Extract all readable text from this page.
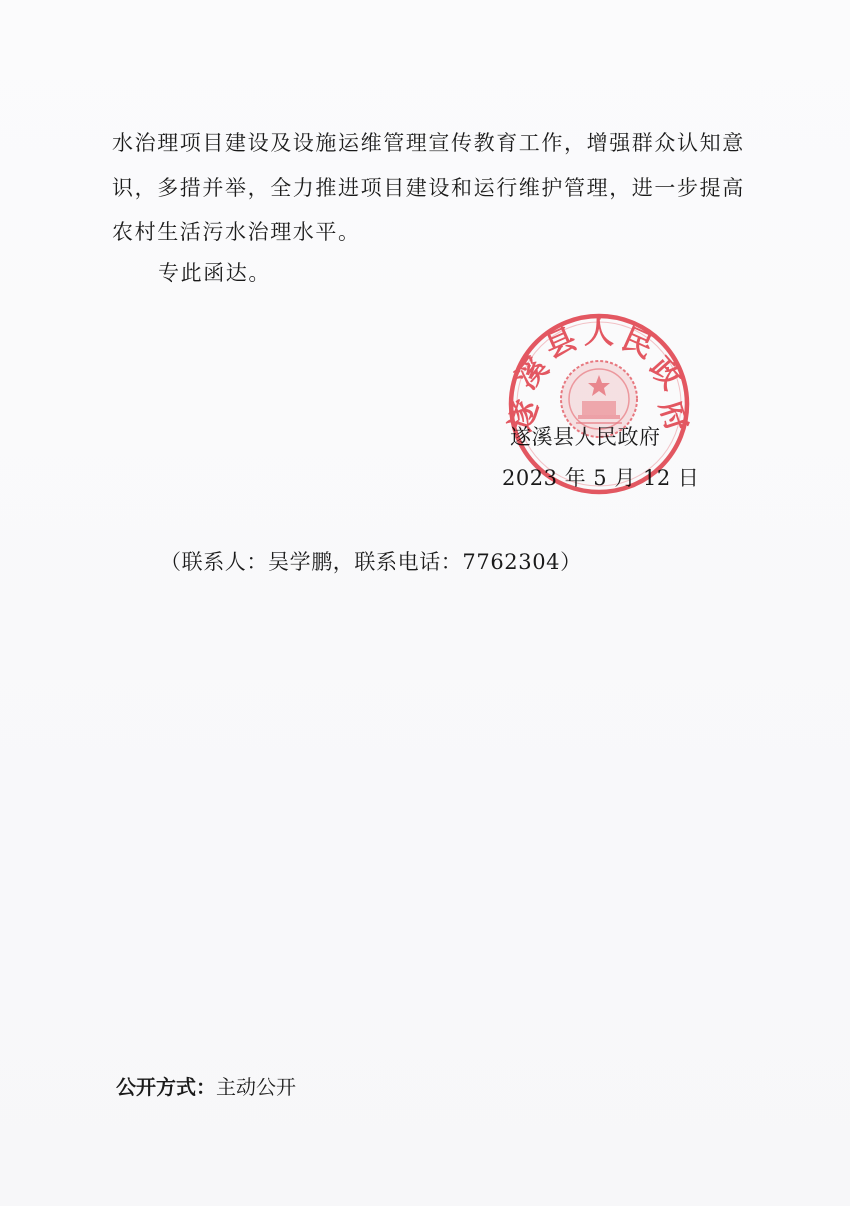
水治理项目建设及设施运维管理宣传教育工作，增强群众认知意
识，多措并举，全力推进项目建设和运行维护管理，进一步提高
农村生活污水治理水平。
专此函达。
遂溪县人民政府
2023 年 5 月 12 日
遂
溪
县 人 民
政
府
（联系人：吴学鹏，联系电话：7762304）
公开方式：主动公开
